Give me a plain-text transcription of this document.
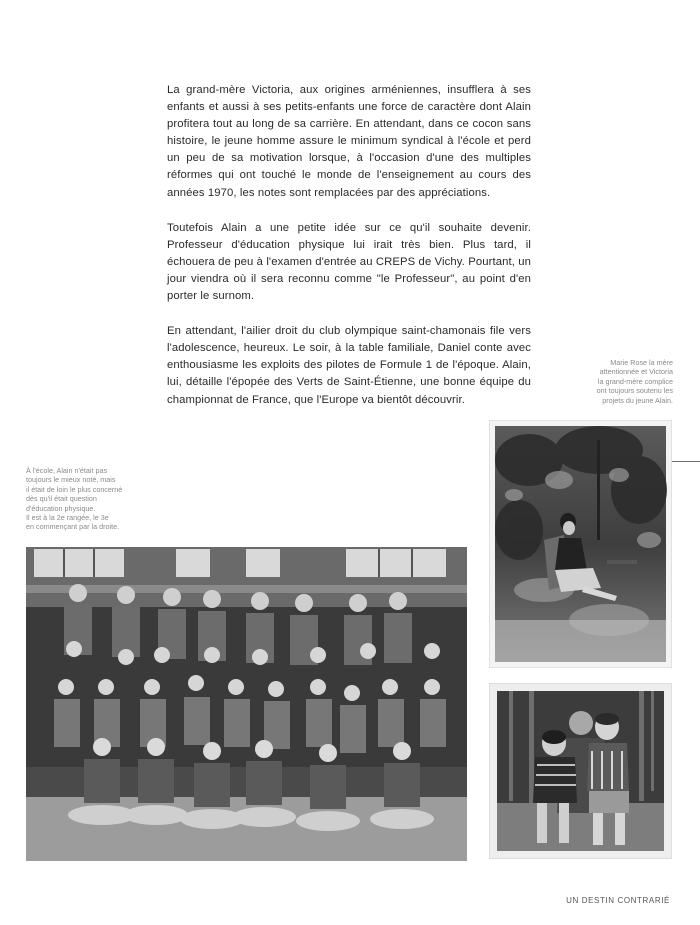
La grand-mère Victoria, aux origines arméniennes, insufflera à ses enfants et aussi à ses petits-enfants une force de caractère dont Alain profitera tout au long de sa carrière. En attendant, dans ce cocon sans histoire, le jeune homme assure le minimum syndical à l'école et perd un peu de sa motivation lorsque, à l'occasion d'une des multiples réformes qui ont touché le monde de l'enseignement au cours des années 1970, les notes sont remplacées par des appréciations.

Toutefois Alain a une petite idée sur ce qu'il souhaite devenir. Professeur d'éducation physique lui irait très bien. Plus tard, il échouera de peu à l'examen d'entrée au CREPS de Vichy. Pourtant, un jour viendra où il sera reconnu comme "le Professeur", au point d'en porter le surnom.

En attendant, l'ailier droit du club olympique saint-chamonais file vers l'adolescence, heureux. Le soir, à la table familiale, Daniel conte avec enthousiasme les exploits des pilotes de Formule 1 de l'époque. Alain, lui, détaille l'épopée des Verts de Saint-Étienne, une bonne équipe du championnat de France, que l'Europe va bientôt découvrir.

Marie Rose la mère
attentionnée et Victoria
la grand-mère complice
ont toujours soutenu les
projets du jeune Alain.
À l'école, Alain n'était pas
toujours le mieux noté, mais
il était de loin le plus concerné
dès qu'il était question
d'éducation physique.
Il est à la 2e rangée, le 3e
en commençant par la droite.
UN DESTIN CONTRARIÉ
